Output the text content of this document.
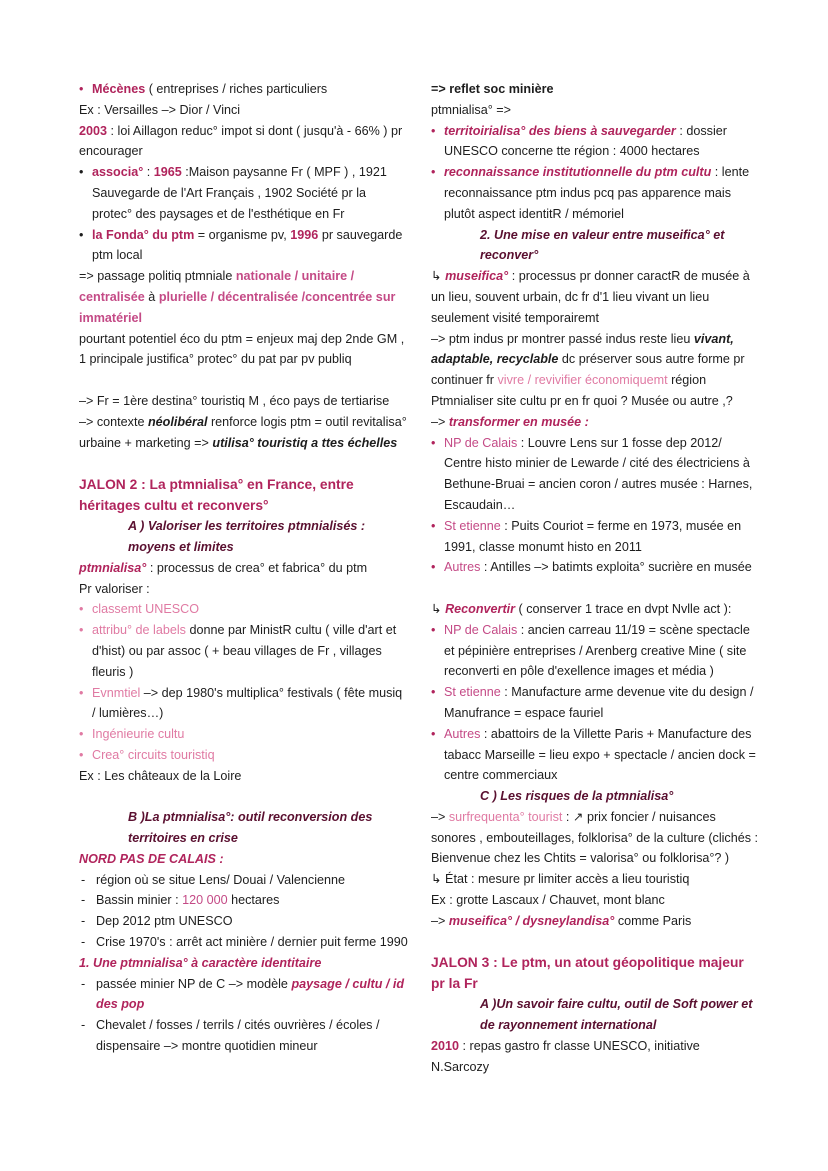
• Mécènes ( entreprises / riches particuliers

Ex : Versailles –> Dior / Vinci

2003 : loi Aillagon reduc° impot si dont ( jusqu'à - 66% ) pr encourager

• associa° : 1965 :Maison paysanne Fr ( MPF ) , 1921 Sauvegarde de l'Art Français , 1902 Société pr la protec° des paysages et de l'esthétique en Fr

• la Fonda° du ptm = organisme pv, 1996 pr sauvegarde ptm local

=> passage politiq ptmniale nationale / unitaire / centralisée à plurielle / décentralisée /concentrée sur immatériel

pourtant potentiel éco du ptm = enjeux maj dep 2nde GM , 1 principale justifica° protec° du pat par pv publiq

–> Fr = 1ère destina° touristiq M , éco pays de tertiarise

–> contexte néolibéral renforce logis ptm = outil revitalisa° urbaine + marketing => utilisa° touristiq a ttes échelles

JALON 2 : La ptmnialisa° en France, entre héritages cultu et reconvers°

A ) Valoriser les territoires ptmnialisés : moyens et limites

ptmnialisa° : processus de crea° et fabrica° du ptm

Pr valoriser :

• classemt UNESCO

• attribu° de labels donne par MinistR cultu ( ville d'art et d'hist) ou par assoc ( + beau villages de Fr , villages fleuris )

• Evnmtiel –> dep 1980's multiplica° festivals ( fête musiq / lumières…)

• Ingénieurie cultu

• Crea° circuits touristiq

Ex : Les châteaux de la Loire

B )La ptmnialisa°: outil reconversion des territoires en crise

NORD PAS DE CALAIS :

- région où se situe Lens/ Douai / Valencienne

- Bassin minier : 120 000 hectares

- Dep 2012 ptm UNESCO

- Crise 1970's : arrêt act minière / dernier puit ferme 1990

1. Une ptmnialisa° à caractère identitaire

- passée minier NP de C –> modèle paysage / cultu / id des pop

- Chevalet / fosses / terrils / cités ouvrières / écoles / dispensaire –> montre quotidien mineur

=> reflet soc minière

ptmnialisa° =>

• territoirialisa° des biens à sauvegarder : dossier UNESCO concerne tte région : 4000 hectares

• reconnaissance institutionnelle du ptm cultu : lente reconnaissance ptm indus pcq pas apparence mais plutôt aspect identitR / mémoriel

2. Une mise en valeur entre museifica° et reconver°

↳ museifica° : processus pr donner caractR de musée à un lieu, souvent urbain, dc fr d'1 lieu vivant un lieu seulement visité temporairemt

–> ptm indus pr montrer passé indus reste lieu vivant, adaptable, recyclable dc préserver sous autre forme pr continuer fr vivre / revivifier économiquemt région

Ptmnialiser site cultu pr en fr quoi ? Musée ou autre ,?

–> transformer en musée :

• NP de Calais : Louvre Lens sur 1 fosse dep 2012/ Centre histo minier de Lewarde / cité des électriciens à Bethune-Bruai = ancien coron / autres musée : Harnes, Escaudain…

• St etienne : Puits Couriot = ferme en 1973, musée en 1991, classe monumt histo en 2011

• Autres : Antilles –> batimts exploita° sucrière en musée

↳ Reconvertir ( conserver 1 trace en dvpt Nvlle act ):

• NP de Calais : ancien carreau 11/19 = scène spectacle et pépinière entreprises / Arenberg creative Mine ( site reconverti en pôle d'exellence images et média )

• St etienne : Manufacture arme devenue vite du design / Manufrance = espace fauriel

• Autres : abattoirs de la Villette Paris + Manufacture des tabacc Marseille = lieu expo + spectacle / ancien dock = centre commerciaux

C ) Les risques de la ptmnialisa°

–> surfrequenta° tourist : ↗ prix foncier / nuisances sonores , embouteillages, folklorisa° de la culture (clichés : Bienvenue chez les Chtits = valorisa° ou folklorisa°? )

↳ État : mesure pr limiter accès a lieu touristiq

Ex : grotte Lascaux / Chauvet, mont blanc

–> museifica° / dysneylandisa° comme Paris

JALON 3 : Le ptm, un atout géopolitique majeur pr la Fr

A )Un savoir faire cultu, outil de Soft power et de rayonnement international

2010 : repas gastro fr classe UNESCO, initiative N.Sarcozy
